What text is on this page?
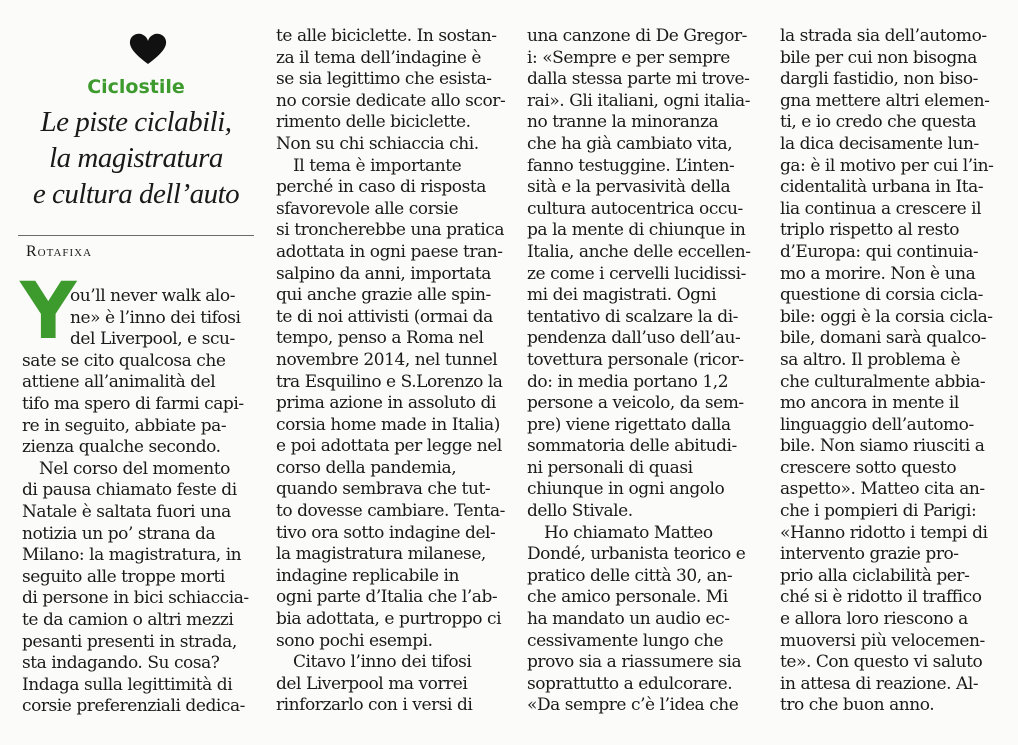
Ciclostile
Le piste ciclabili,
la magistratura
e cultura dell’auto
Rotafixa
Y
ou’ll never walk alo-
ne» è l’inno dei tifosi
del Liverpool, e scu-
sate se cito qualcosa che
attiene all’animalità del
tifo ma spero di farmi capi-
re in seguito, abbiate pa-
zienza qualche secondo.
Nel corso del momento
di pausa chiamato feste di
Natale è saltata fuori una
notizia un po’ strana da
Milano: la magistratura, in
seguito alle troppe morti
di persone in bici schiaccia-
te da camion o altri mezzi
pesanti presenti in strada,
sta indagando. Su cosa?
Indaga sulla legittimità di
corsie preferenziali dedica-
te alle biciclette. In sostan-
za il tema dell’indagine è
se sia legittimo che esista-
no corsie dedicate allo scor-
rimento delle biciclette.
Non su chi schiaccia chi.
Il tema è importante
perché in caso di risposta
sfavorevole alle corsie
si troncherebbe una pratica
adottata in ogni paese tran-
salpino da anni, importata
qui anche grazie alle spin-
te di noi attivisti (ormai da
tempo, penso a Roma nel
novembre 2014, nel tunnel
tra Esquilino e S.Lorenzo la
prima azione in assoluto di
corsia home made in Italia)
e poi adottata per legge nel
corso della pandemia,
quando sembrava che tut-
to dovesse cambiare. Tenta-
tivo ora sotto indagine del-
la magistratura milanese,
indagine replicabile in
ogni parte d’Italia che l’ab-
bia adottata, e purtroppo ci
sono pochi esempi.
Citavo l’inno dei tifosi
del Liverpool ma vorrei
rinforzarlo con i versi di
una canzone di De Gregor-
i: «Sempre e per sempre
dalla stessa parte mi trove-
rai». Gli italiani, ogni italia-
no tranne la minoranza
che ha già cambiato vita,
fanno testuggine. L’inten-
sità e la pervasività della
cultura autocentrica occu-
pa la mente di chiunque in
Italia, anche delle eccellen-
ze come i cervelli lucidissi-
mi dei magistrati. Ogni
tentativo di scalzare la di-
pendenza dall’uso dell’au-
tovettura personale (ricor-
do: in media portano 1,2
persone a veicolo, da sem-
pre) viene rigettato dalla
sommatoria delle abitudi-
ni personali di quasi
chiunque in ogni angolo
dello Stivale.
Ho chiamato Matteo
Dondé, urbanista teorico e
pratico delle città 30, an-
che amico personale. Mi
ha mandato un audio ec-
cessivamente lungo che
provo sia a riassumere sia
soprattutto a edulcorare.
«Da sempre c’è l’idea che
la strada sia dell’automo-
bile per cui non bisogna
dargli fastidio, non biso-
gna mettere altri elemen-
ti, e io credo che questa
la dica decisamente lun-
ga: è il motivo per cui l’in-
cidentalità urbana in Ita-
lia continua a crescere il
triplo rispetto al resto
d’Europa: qui continuia-
mo a morire. Non è una
questione di corsia cicla-
bile: oggi è la corsia cicla-
bile, domani sarà qualco-
sa altro. Il problema è
che culturalmente abbia-
mo ancora in mente il
linguaggio dell’automo-
bile. Non siamo riusciti a
crescere sotto questo
aspetto». Matteo cita an-
che i pompieri di Parigi:
«Hanno ridotto i tempi di
intervento grazie pro-
prio alla ciclabilità per-
ché si è ridotto il traffico
e allora loro riescono a
muoversi più velocemen-
te». Con questo vi saluto
in attesa di reazione. Al-
tro che buon anno.
